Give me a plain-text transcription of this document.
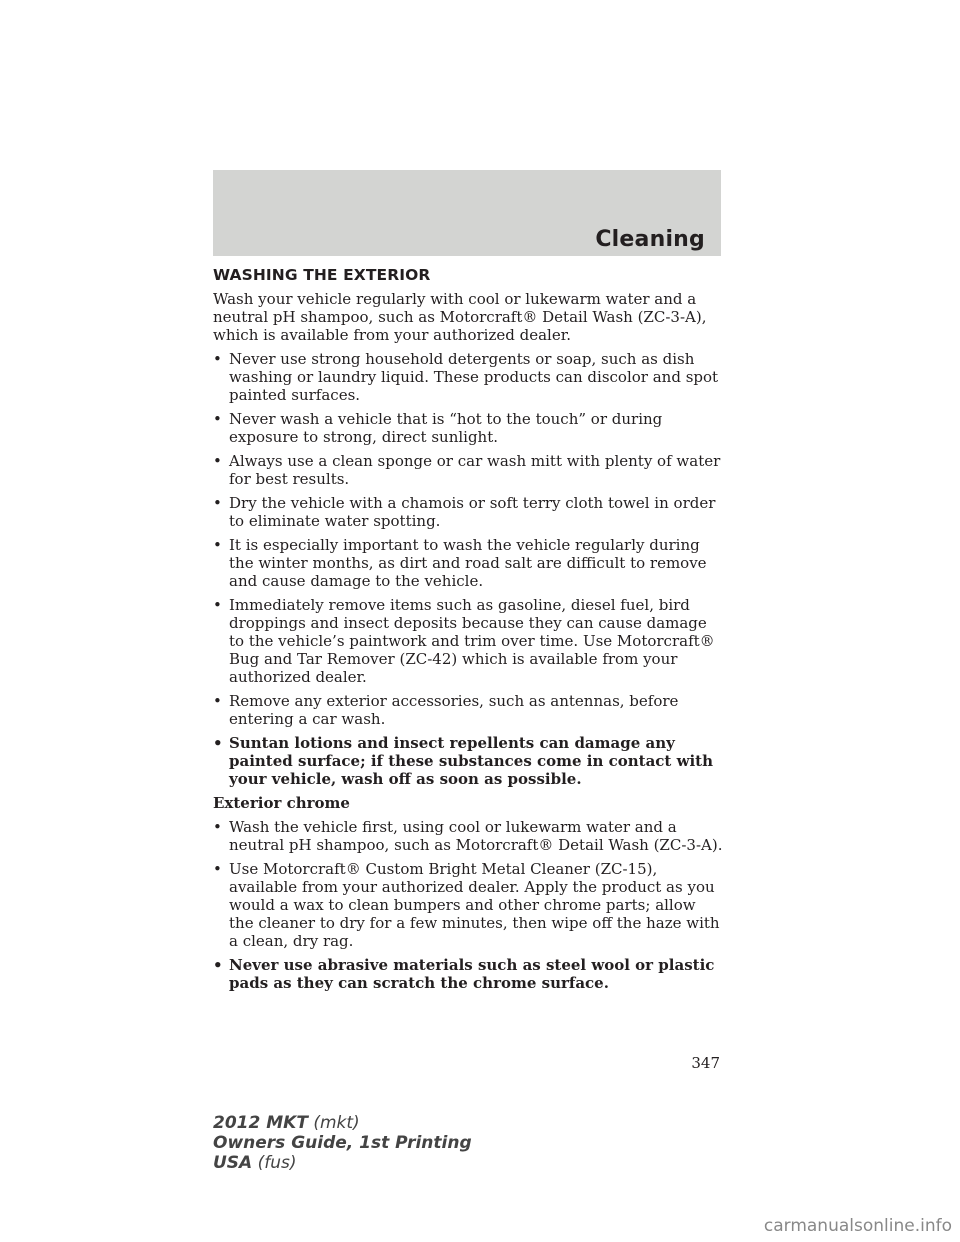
Cleaning
WASHING THE EXTERIOR

Wash your vehicle regularly with cool or lukewarm water and a neutral pH shampoo, such as Motorcraft® Detail Wash (ZC-3-A), which is available from your authorized dealer.

• Never use strong household detergents or soap, such as dish washing or laundry liquid. These products can discolor and spot painted surfaces.
• Never wash a vehicle that is “hot to the touch” or during exposure to strong, direct sunlight.
• Always use a clean sponge or car wash mitt with plenty of water for best results.
• Dry the vehicle with a chamois or soft terry cloth towel in order to eliminate water spotting.
• It is especially important to wash the vehicle regularly during the winter months, as dirt and road salt are difficult to remove and cause damage to the vehicle.
• Immediately remove items such as gasoline, diesel fuel, bird droppings and insect deposits because they can cause damage to the vehicle’s paintwork and trim over time. Use Motorcraft® Bug and Tar Remover (ZC-42) which is available from your authorized dealer.
• Remove any exterior accessories, such as antennas, before entering a car wash.
• Suntan lotions and insect repellents can damage any painted surface; if these substances come in contact with your vehicle, wash off as soon as possible.

Exterior chrome

• Wash the vehicle first, using cool or lukewarm water and a neutral pH shampoo, such as Motorcraft® Detail Wash (ZC-3-A).
• Use Motorcraft® Custom Bright Metal Cleaner (ZC-15), available from your authorized dealer. Apply the product as you would a wax to clean bumpers and other chrome parts; allow the cleaner to dry for a few minutes, then wipe off the haze with a clean, dry rag.
• Never use abrasive materials such as steel wool or plastic pads as they can scratch the chrome surface.
347
2012 MKT (mkt)
Owners Guide, 1st Printing
USA (fus)
carmanualsonline.info
